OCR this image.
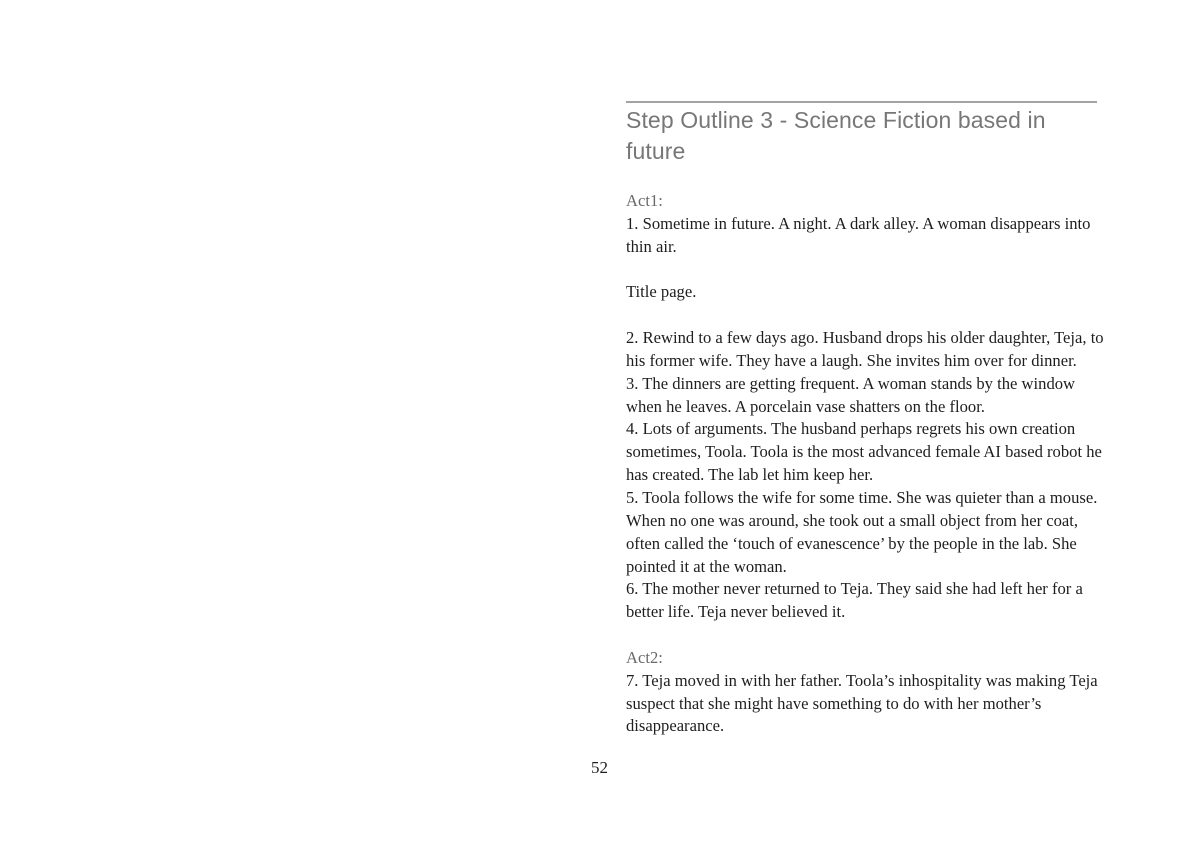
Step Outline 3 - Science Fiction based in future
Act1:

1. Sometime in future. A night. A dark alley. A woman disappears into thin air.

Title page.

2. Rewind to a few days ago. Husband drops his older daughter, Teja, to his former wife. They have a laugh. She invites him over for dinner.

3. The dinners are getting frequent. A woman stands by the window when he leaves. A porcelain vase shatters on the floor.

4. Lots of arguments. The husband perhaps regrets his own creation sometimes, Toola. Toola is the most advanced female AI based robot he has created. The lab let him keep her.

5. Toola follows the wife for some time. She was quieter than a mouse. When no one was around, she took out a small object from her coat, often called the ‘touch of evanescence’ by the people in the lab. She pointed it at the woman.

6. The mother never returned to Teja. They said she had left her for a better life. Teja never believed it.

Act2:

7. Teja moved in with her father. Toola’s inhospitality was making Teja suspect that she might have something to do with her mother’s disappearance.

52
